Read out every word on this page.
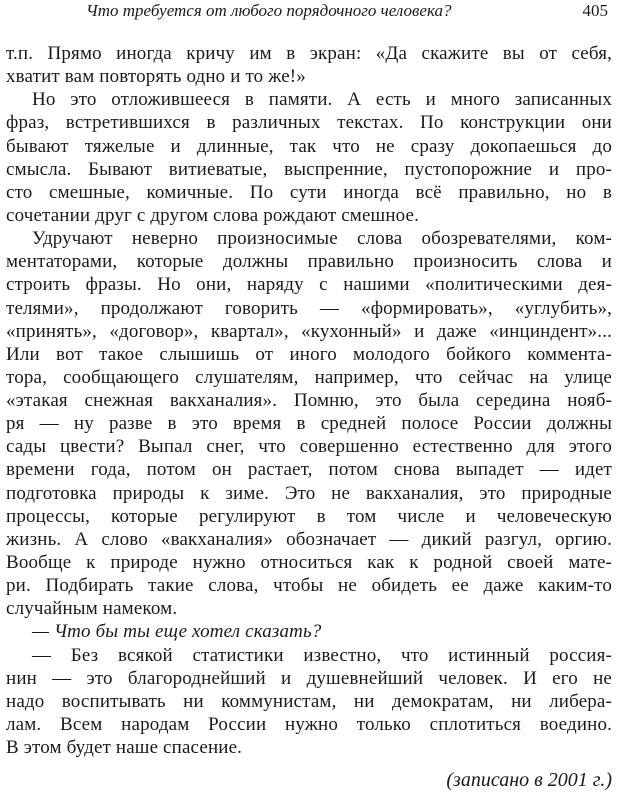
Что требуется от любого порядочного человека?	405
т.п. Прямо иногда кричу им в экран: «Да скажите вы от себя,
хватит вам повторять одно и то же!»
Но это отложившееся в памяти. А есть и много записанных
фраз, встретившихся в различных текстах. По конструкции они
бывают тяжелые и длинные, так что не сразу докопаешься до
смысла. Бывают витиеватые, выспренние, пустопорожние и про-
сто смешные, комичные. По сути иногда всё правильно, но в
сочетании друг с другом слова рождают смешное.
Удручают неверно произносимые слова обозревателями, ком-
ментаторами, которые должны правильно произносить слова и
строить фразы. Но они, наряду с нашими «политическими дея-
телями», продолжают говорить — «формировать», «углубить»,
«принять», «договор», квартал», «кухонный» и даже «инциндент»...
Или вот такое слышишь от иного молодого бойкого коммента-
тора, сообщающего слушателям, например, что сейчас на улице
«этакая снежная вакханалия». Помню, это была середина нояб-
ря — ну разве в это время в средней полосе России должны
сады цвести? Выпал снег, что совершенно естественно для этого
времени года, потом он растает, потом снова выпадет — идет
подготовка природы к зиме. Это не вакханалия, это природные
процессы, которые регулируют в том числе и человеческую
жизнь. А слово «вакханалия» обозначает — дикий разгул, оргию.
Вообще к природе нужно относиться как к родной своей мате-
ри. Подбирать такие слова, чтобы не обидеть ее даже каким-то
случайным намеком.
— Что бы ты еще хотел сказать?
— Без всякой статистики известно, что истинный россия-
нин — это благороднейший и душевнейший человек. И его не
надо воспитывать ни коммунистам, ни демократам, ни либера-
лам. Всем народам России нужно только сплотиться воедино.
В этом будет наше спасение.
(записано в 2001 г.)
